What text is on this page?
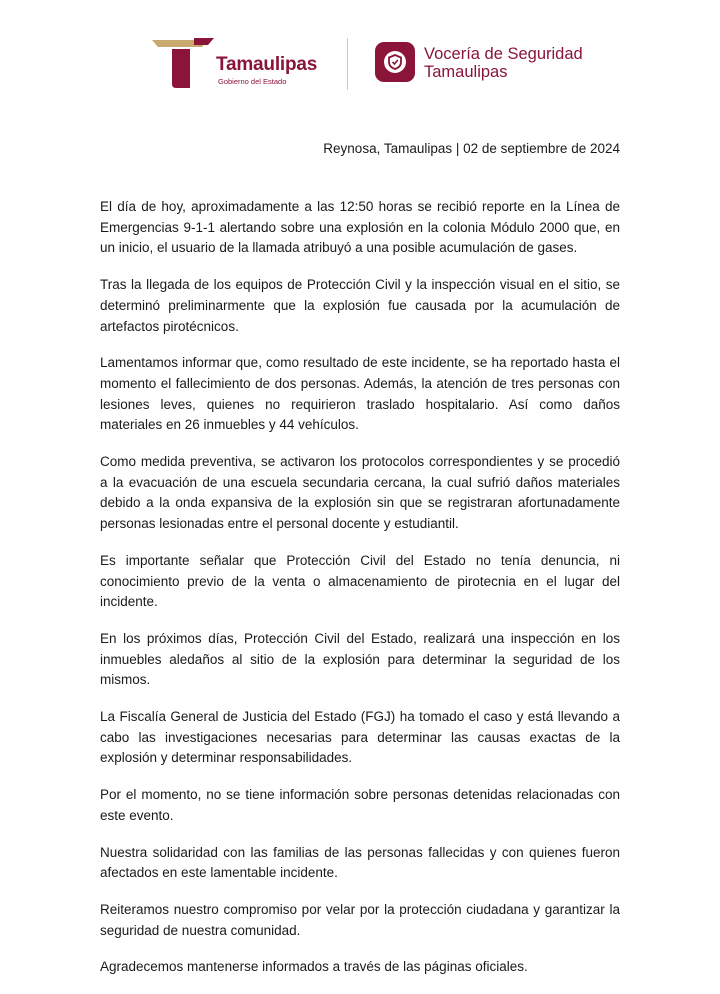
Tamaulipas
Gobierno del Estado
Vocería de Seguridad
Tamaulipas
Reynosa, Tamaulipas | 02 de septiembre de 2024

El día de hoy, aproximadamente a las 12:50 horas se recibió reporte en la Línea de Emergencias 9-1-1 alertando sobre una explosión en la colonia Módulo 2000 que, en un inicio, el usuario de la llamada atribuyó a una posible acumulación de gases.

Tras la llegada de los equipos de Protección Civil y la inspección visual en el sitio, se determinó preliminarmente que la explosión fue causada por la acumulación de artefactos pirotécnicos.

Lamentamos informar que, como resultado de este incidente, se ha reportado hasta el momento el fallecimiento de dos personas. Además, la atención de tres personas con lesiones leves, quienes no requirieron traslado hospitalario. Así como daños materiales en 26 inmuebles y 44 vehículos.

Como medida preventiva, se activaron los protocolos correspondientes y se procedió a la evacuación de una escuela secundaria cercana, la cual sufrió daños materiales debido a la onda expansiva de la explosión sin que se registraran afortunadamente personas lesionadas entre el personal docente y estudiantil.

Es importante señalar que Protección Civil del Estado no tenía denuncia, ni conocimiento previo de la venta o almacenamiento de pirotecnia en el lugar del incidente.

En los próximos días, Protección Civil del Estado, realizará una inspección en los inmuebles aledaños al sitio de la explosión para determinar la seguridad de los mismos.

La Fiscalía General de Justicia del Estado (FGJ) ha tomado el caso y está llevando a cabo las investigaciones necesarias para determinar las causas exactas de la explosión y determinar responsabilidades.

Por el momento, no se tiene información sobre personas detenidas relacionadas con este evento.

Nuestra solidaridad con las familias de las personas fallecidas y con quienes fueron afectados en este lamentable incidente.

Reiteramos nuestro compromiso por velar por la protección ciudadana y garantizar la seguridad de nuestra comunidad.

Agradecemos mantenerse informados a través de las páginas oficiales.
